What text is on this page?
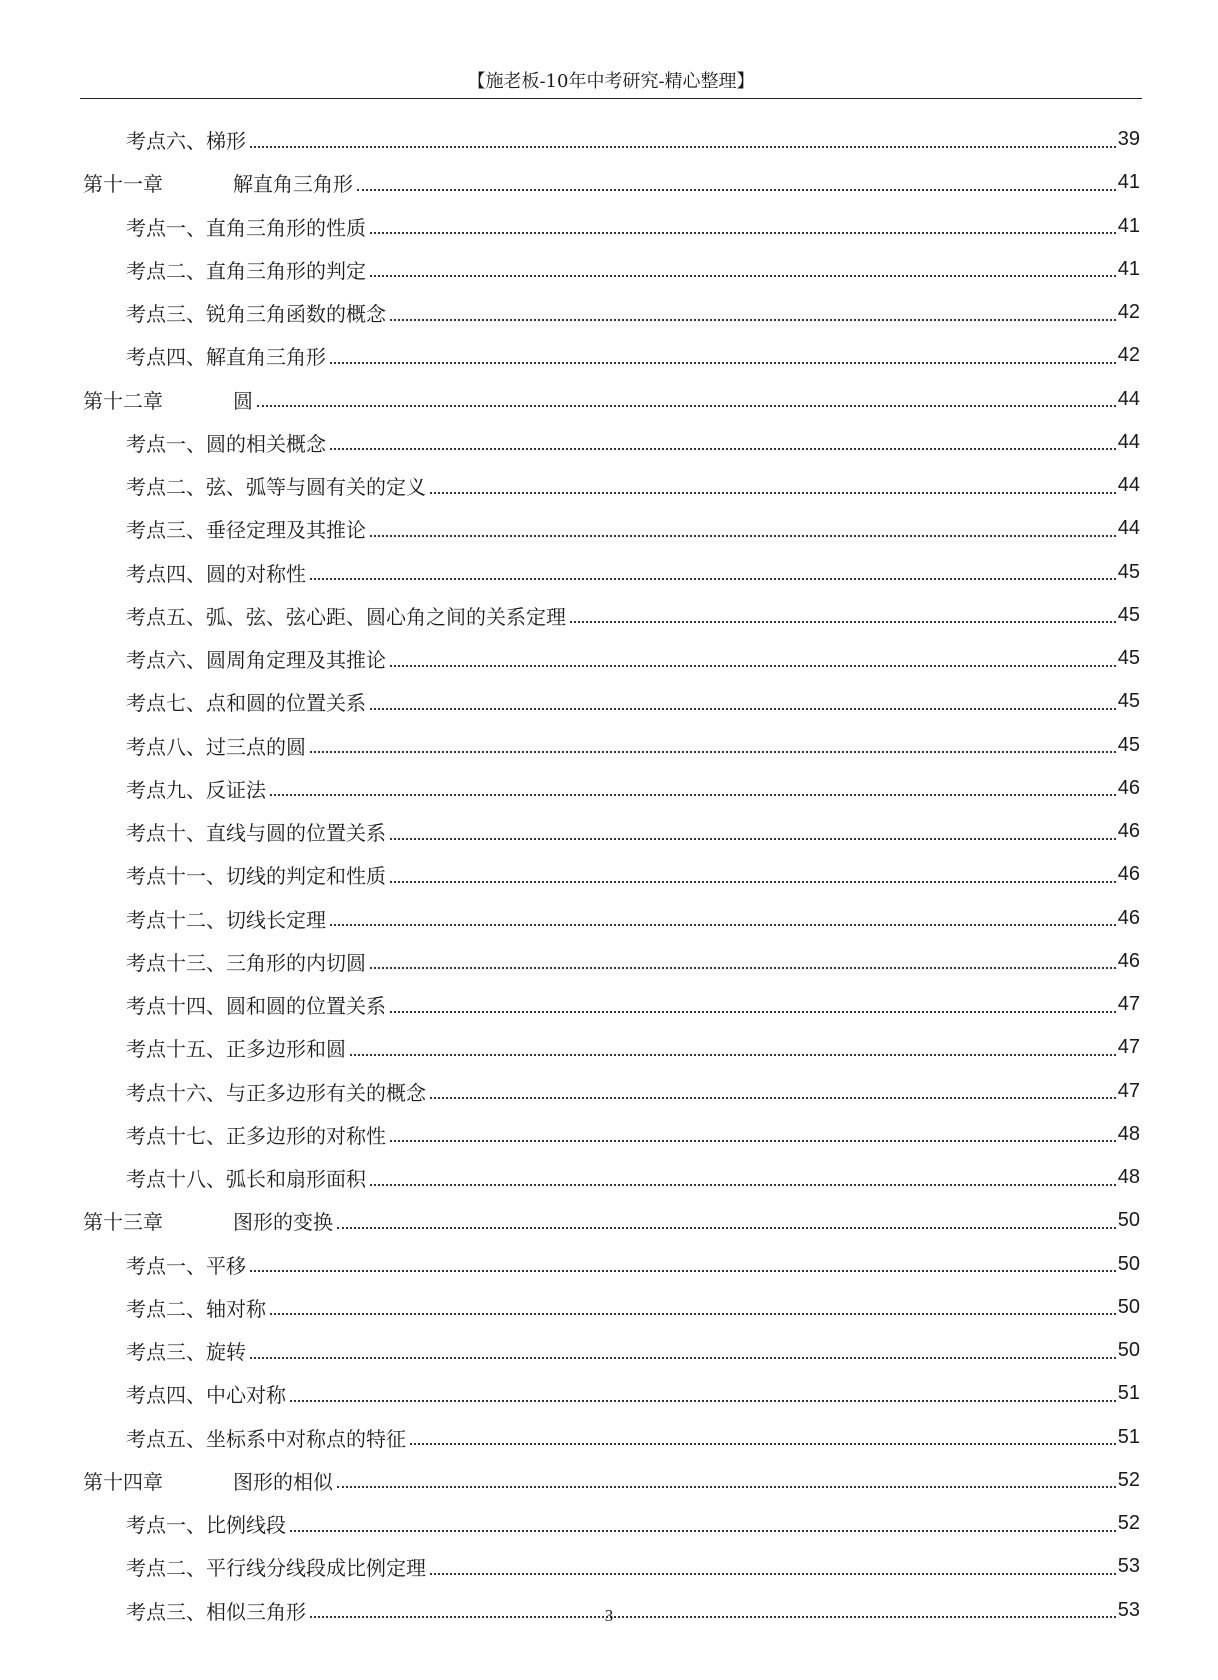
【施老板-10年中考研究-精心整理】
考点六、梯形	39
第十一章	解直角三角形	41
考点一、直角三角形的性质	41
考点二、直角三角形的判定	41
考点三、锐角三角函数的概念	42
考点四、解直角三角形	42
第十二章	圆	44
考点一、圆的相关概念	44
考点二、弦、弧等与圆有关的定义	44
考点三、垂径定理及其推论	44
考点四、圆的对称性	45
考点五、弧、弦、弦心距、圆心角之间的关系定理	45
考点六、圆周角定理及其推论	45
考点七、点和圆的位置关系	45
考点八、过三点的圆	45
考点九、反证法	46
考点十、直线与圆的位置关系	46
考点十一、切线的判定和性质	46
考点十二、切线长定理	46
考点十三、三角形的内切圆	46
考点十四、圆和圆的位置关系	47
考点十五、正多边形和圆	47
考点十六、与正多边形有关的概念	47
考点十七、正多边形的对称性	48
考点十八、弧长和扇形面积	48
第十三章	图形的变换	50
考点一、平移	50
考点二、轴对称	50
考点三、旋转	50
考点四、中心对称	51
考点五、坐标系中对称点的特征	51
第十四章	图形的相似	52
考点一、比例线段	52
考点二、平行线分线段成比例定理	53
考点三、相似三角形	53
3
